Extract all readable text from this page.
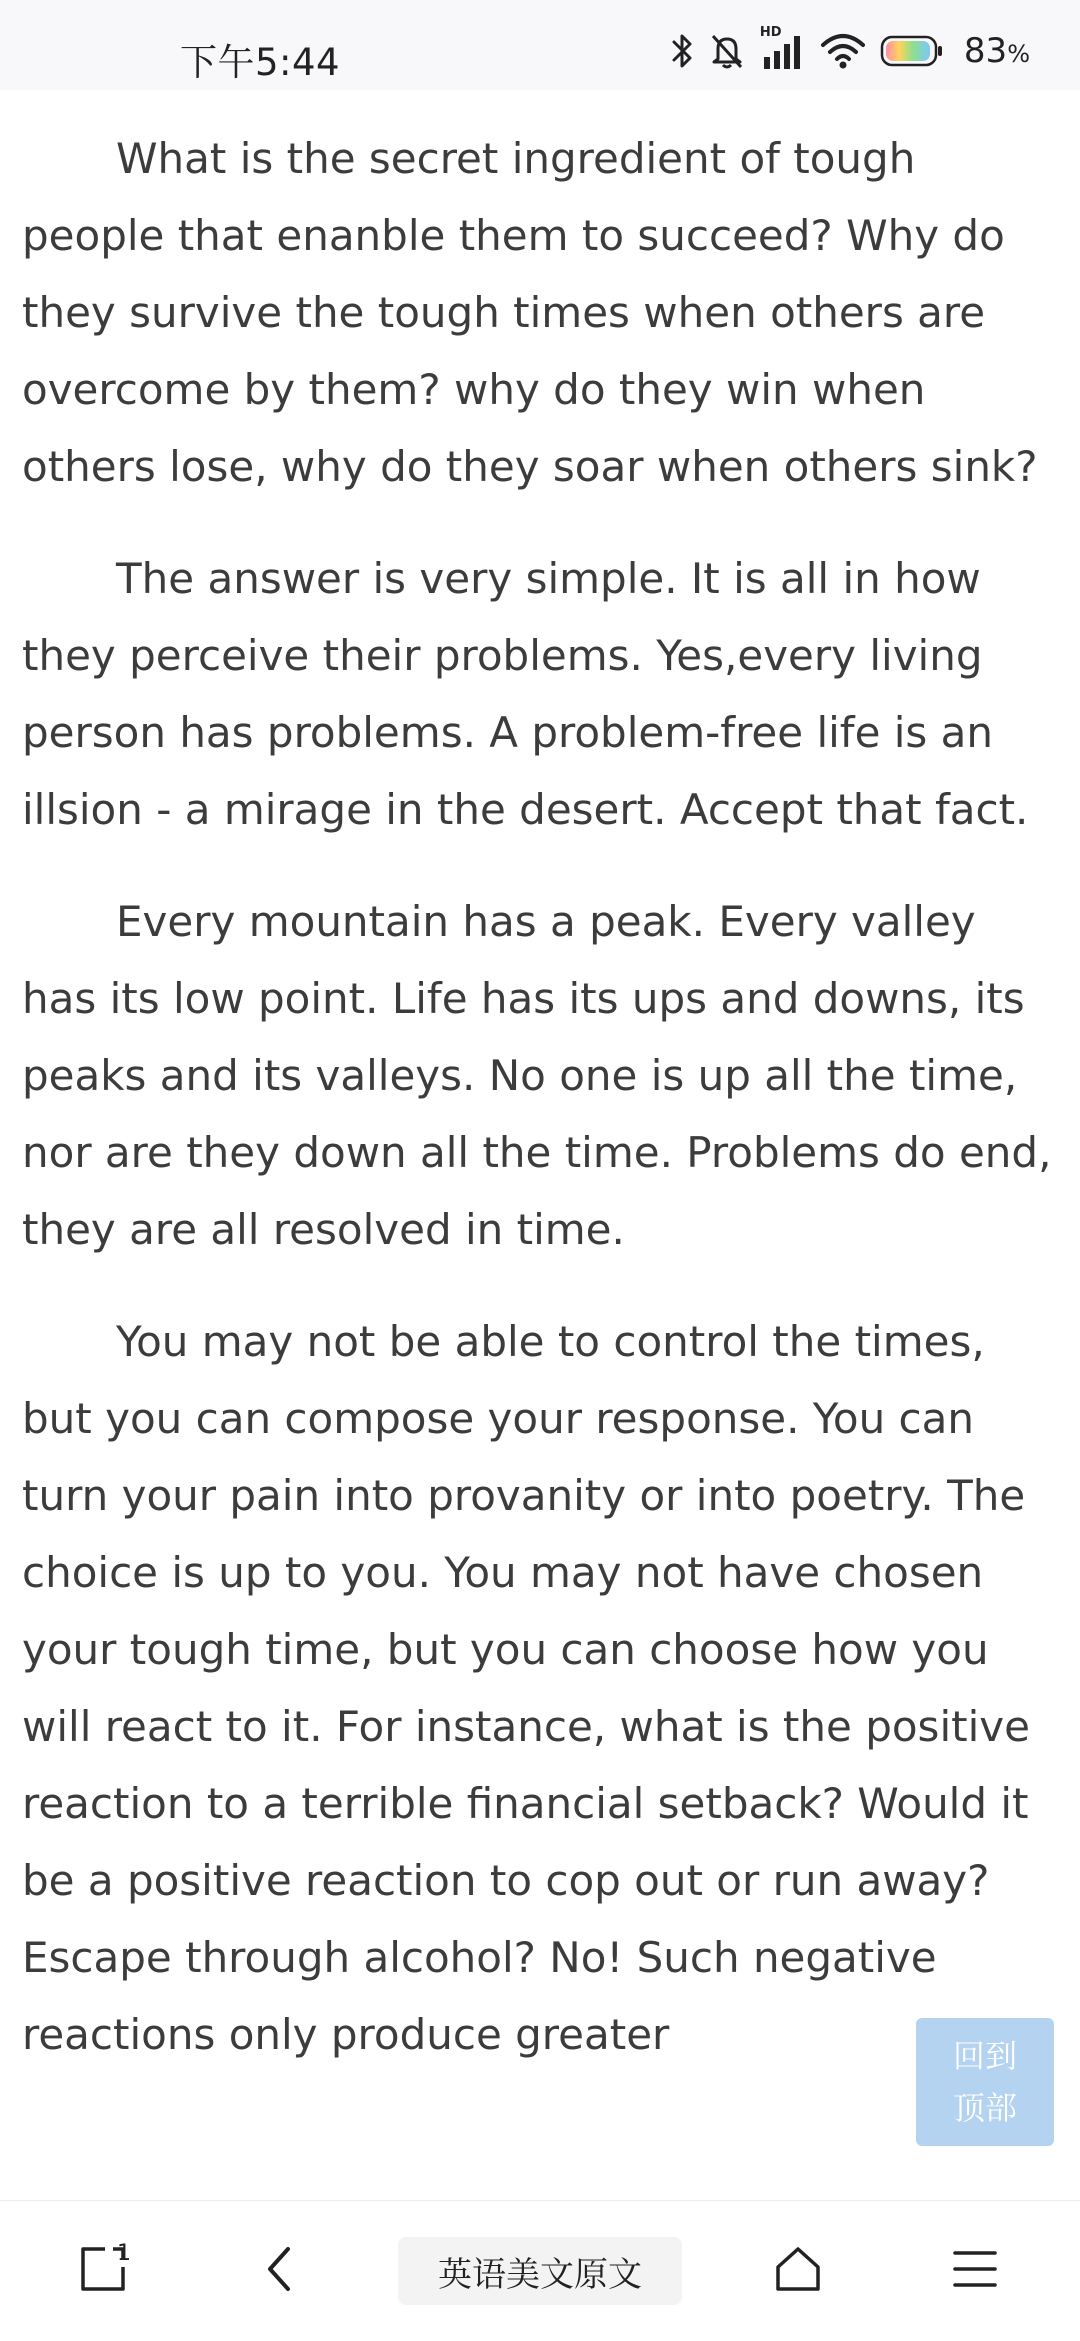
下午5:44
HD	83%

What is the secret ingredient of tough people that enanble them to succeed? Why do they survive the tough times when others are overcome by them? why do they win when others lose, why do they soar when others sink?

The answer is very simple. It is all in how they perceive their problems. Yes,every living person has problems. A problem-free life is an illsion - a mirage in the desert. Accept that fact.

Every mountain has a peak. Every valley has its low point. Life has its ups and downs, its peaks and its valleys. No one is up all the time, nor are they down all the time. Problems do end, they are all resolved in time.

You may not be able to control the times, but you can compose your response. You can turn your pain into provanity or into poetry. The choice is up to you. You may not have chosen your tough time, but you can choose how you will react to it. For instance, what is the positive reaction to a terrible financial setback? Would it be a positive reaction to cop out or run away? Escape through alcohol? No! Such negative reactions only produce greater	回到
顶部
1
英语美文原文
